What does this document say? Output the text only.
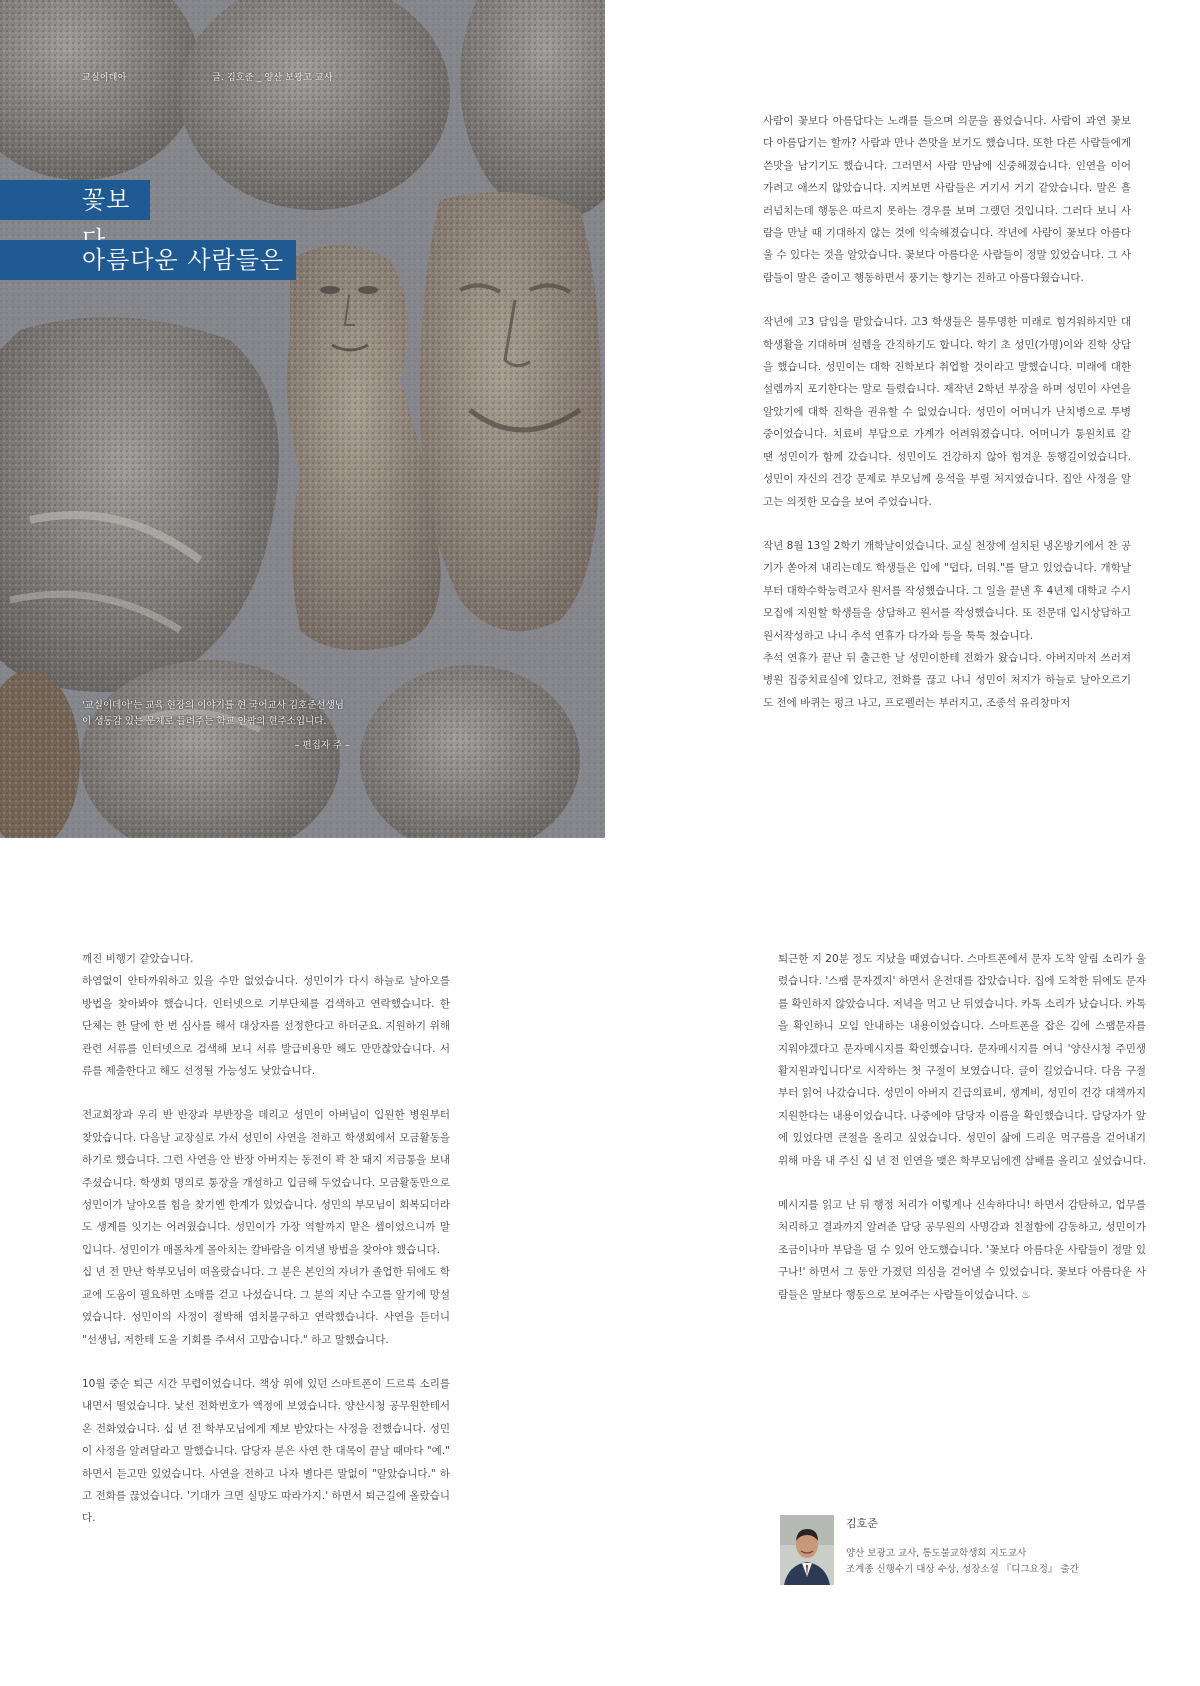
교실이데아	글. 김호준 _ 양산 보광고 교사
꽃보
아름다운 사람들은
'교실이데아'는 교육 현장의 이야기를 현 국어교사 김호준선생님이 생동감 있는 문체로 들려주는 학교 안팎의 현주소입니다.
– 편집자 주 –

사람이 꽃보다 아름답다는 노래를 들으며 의문을 품었습니다. 사람이 과연 꽃보다 아름답기는 할까? 사람과 만나 쓴맛을 보기도 했습니다. 또한 다른 사람들에게 쓴맛을 남기기도 했습니다. 그러면서 사람 만남에 신중해졌습니다. 인연을 이어가려고 애쓰지 않았습니다. 지켜보면 사람들은 거기서 거기 같았습니다. 말은 흘러넘치는데 행동은 따르지 못하는 경우를 보며 그랬던 것입니다. 그러다 보니 사람을 만날 때 기대하지 않는 것에 익숙해졌습니다. 작년에 사람이 꽃보다 아름다울 수 있다는 것을 알았습니다. 꽃보다 아름다운 사람들이 정말 있었습니다. 그 사람들이 말은 줄이고 행동하면서 풍기는 향기는 진하고 아름다웠습니다.

작년에 고3 담임을 맡았습니다. 고3 학생들은 불투명한 미래로 힘겨워하지만 대학생활을 기대하며 설렘을 간직하기도 합니다. 학기 초 성민(가명)이와 진학 상담을 했습니다. 성민이는 대학 진학보다 취업할 것이라고 말했습니다. 미래에 대한 설렘까지 포기한다는 말로 들렸습니다. 재작년 2학년 부장을 하며 성민이 사연을 알았기에 대학 진학을 권유할 수 없었습니다. 성민이 어머니가 난치병으로 투병 중이었습니다. 치료비 부담으로 가계가 어려워졌습니다. 어머니가 통원치료 갈 땐 성민이가 함께 갔습니다. 성민이도 건강하지 않아 힘겨운 동행길이었습니다. 성민이 자신의 건강 문제로 부모님께 응석을 부릴 처지였습니다. 집안 사정을 알고는 의젓한 모습을 보여 주었습니다.

작년 8월 13일 2학기 개학날이었습니다. 교실 천장에 설치된 냉온방기에서 찬 공기가 쏟아져 내리는데도 학생들은 입에 "덥다, 더워."를 달고 있었습니다. 개학날부터 대학수학능력고사 원서를 작성했습니다. 그 일을 끝낸 후 4년제 대학교 수시모집에 지원할 학생들을 상담하고 원서를 작성했습니다. 또 전문대 입시상담하고 원서작성하고 나니 추석 연휴가 다가와 등을 툭툭 쳤습니다.

추석 연휴가 끝난 뒤 출근한 날 성민이한테 전화가 왔습니다. 아버지마저 쓰러져 병원 집중치료실에 있다고, 전화를 끊고 나니 성민이 처지가 하늘로 날아오르기도 전에 바퀴는 펑크 나고, 프로펠러는 부러지고, 조종석 유리창마저

깨진 비행기 같았습니다.

하염없이 안타까워하고 있을 수만 없었습니다. 성민이가 다시 하늘로 날아오를 방법을 찾아봐야 했습니다. 인터넷으로 기부단체를 검색하고 연락했습니다. 한 단체는 한 달에 한 번 심사를 해서 대상자를 선정한다고 하더군요. 지원하기 위해 관련 서류를 인터넷으로 검색해 보니 서류 발급비용만 해도 만만찮았습니다. 서류를 제출한다고 해도 선정될 가능성도 낮았습니다.

전교회장과 우리 반 반장과 부반장을 데리고 성민이 아버님이 입원한 병원부터 찾았습니다. 다음날 교장실로 가서 성민이 사연을 전하고 학생회에서 모금활동을 하기로 했습니다. 그런 사연을 안 반장 아버지는 동전이 꽉 찬 돼지 저금통을 보내주셨습니다. 학생회 명의로 통장을 개설하고 입금해 두었습니다. 모금활동만으로 성민이가 날아오를 힘을 찾기엔 한계가 있었습니다. 성민의 부모님이 회복되더라도 생계를 잇기는 어려웠습니다. 성민이가 가장 역할까지 맡은 셈이었으니까 말입니다. 성민이가 매몰차게 몰아치는 칼바람을 이겨낼 방법을 찾아야 했습니다.

십 년 전 만난 학부모님이 떠올랐습니다. 그 분은 본인의 자녀가 졸업한 뒤에도 학교에 도움이 필요하면 소매를 걷고 나섰습니다. 그 분의 지난 수고를 알기에 망설였습니다. 성민이의 사정이 절박해 염치불구하고 연락했습니다. 사연을 듣더니 "선생님, 저한테 도울 기회를 주셔서 고맙습니다." 하고 말했습니다.

10월 중순 퇴근 시간 무렵이었습니다. 책상 위에 있던 스마트폰이 드르륵 소리를 내면서 떨었습니다. 낯선 전화번호가 액정에 보였습니다. 양산시청 공무원한테서 온 전화였습니다. 십 년 전 학부모님에게 제보 받았다는 사정을 전했습니다. 성민이 사정을 알려달라고 말했습니다. 담당자 분은 사연 한 대목이 끝날 때마다 "예." 하면서 듣고만 있었습니다. 사연을 전하고 나자 별다른 말없이 "알았습니다." 하고 전화를 끊었습니다. '기대가 크면 실망도 따라가지.' 하면서 퇴근길에 올랐습니다.

퇴근한 지 20분 정도 지났을 때였습니다. 스마트폰에서 문자 도착 알림 소리가 울렸습니다. '스팸 문자겠지' 하면서 운전대를 잡았습니다. 집에 도착한 뒤에도 문자를 확인하지 않았습니다. 저녁을 먹고 난 뒤였습니다. 카톡 소리가 났습니다. 카톡을 확인하니 모임 안내하는 내용이었습니다. 스마트폰을 잡은 김에 스팸문자를 지워야겠다고 문자메시지를 확인했습니다. 문자메시지를 여니 '양산시청 주민생활지원과입니다'로 시작하는 첫 구절이 보였습니다. 글이 길었습니다. 다음 구절부터 읽어 나갔습니다. 성민이 아버지 긴급의료비, 생계비, 성민이 건강 대책까지 지원한다는 내용이었습니다. 나중에야 담당자 이름을 확인했습니다. 담당자가 앞에 있었다면 큰절을 올리고 싶었습니다. 성민이 삶에 드리운 먹구름을 걷어내기 위해 마음 내 주신 십 년 전 인연을 맺은 학부모님에겐 삼배를 올리고 싶었습니다.

메시지를 읽고 난 뒤 행정 처리가 이렇게나 신속하다니! 하면서 감탄하고, 업무를 처리하고 결과까지 알려준 담당 공무원의 사명감과 친절함에 감동하고, 성민이가 조금이나마 부담을 덜 수 있어 안도했습니다. '꽃보다 아름다운 사람들이 정말 있구나!' 하면서 그 동안 가졌던 의심을 걷어낼 수 있었습니다. 꽃보다 아름다운 사람들은 말보다 행동으로 보여주는 사람들이었습니다. ♨

김호준
양산 보광고 교사, 통도불교학생회 지도교사
조계종 신행수기 대상 수상, 성장소설 『디그요정』 출간
